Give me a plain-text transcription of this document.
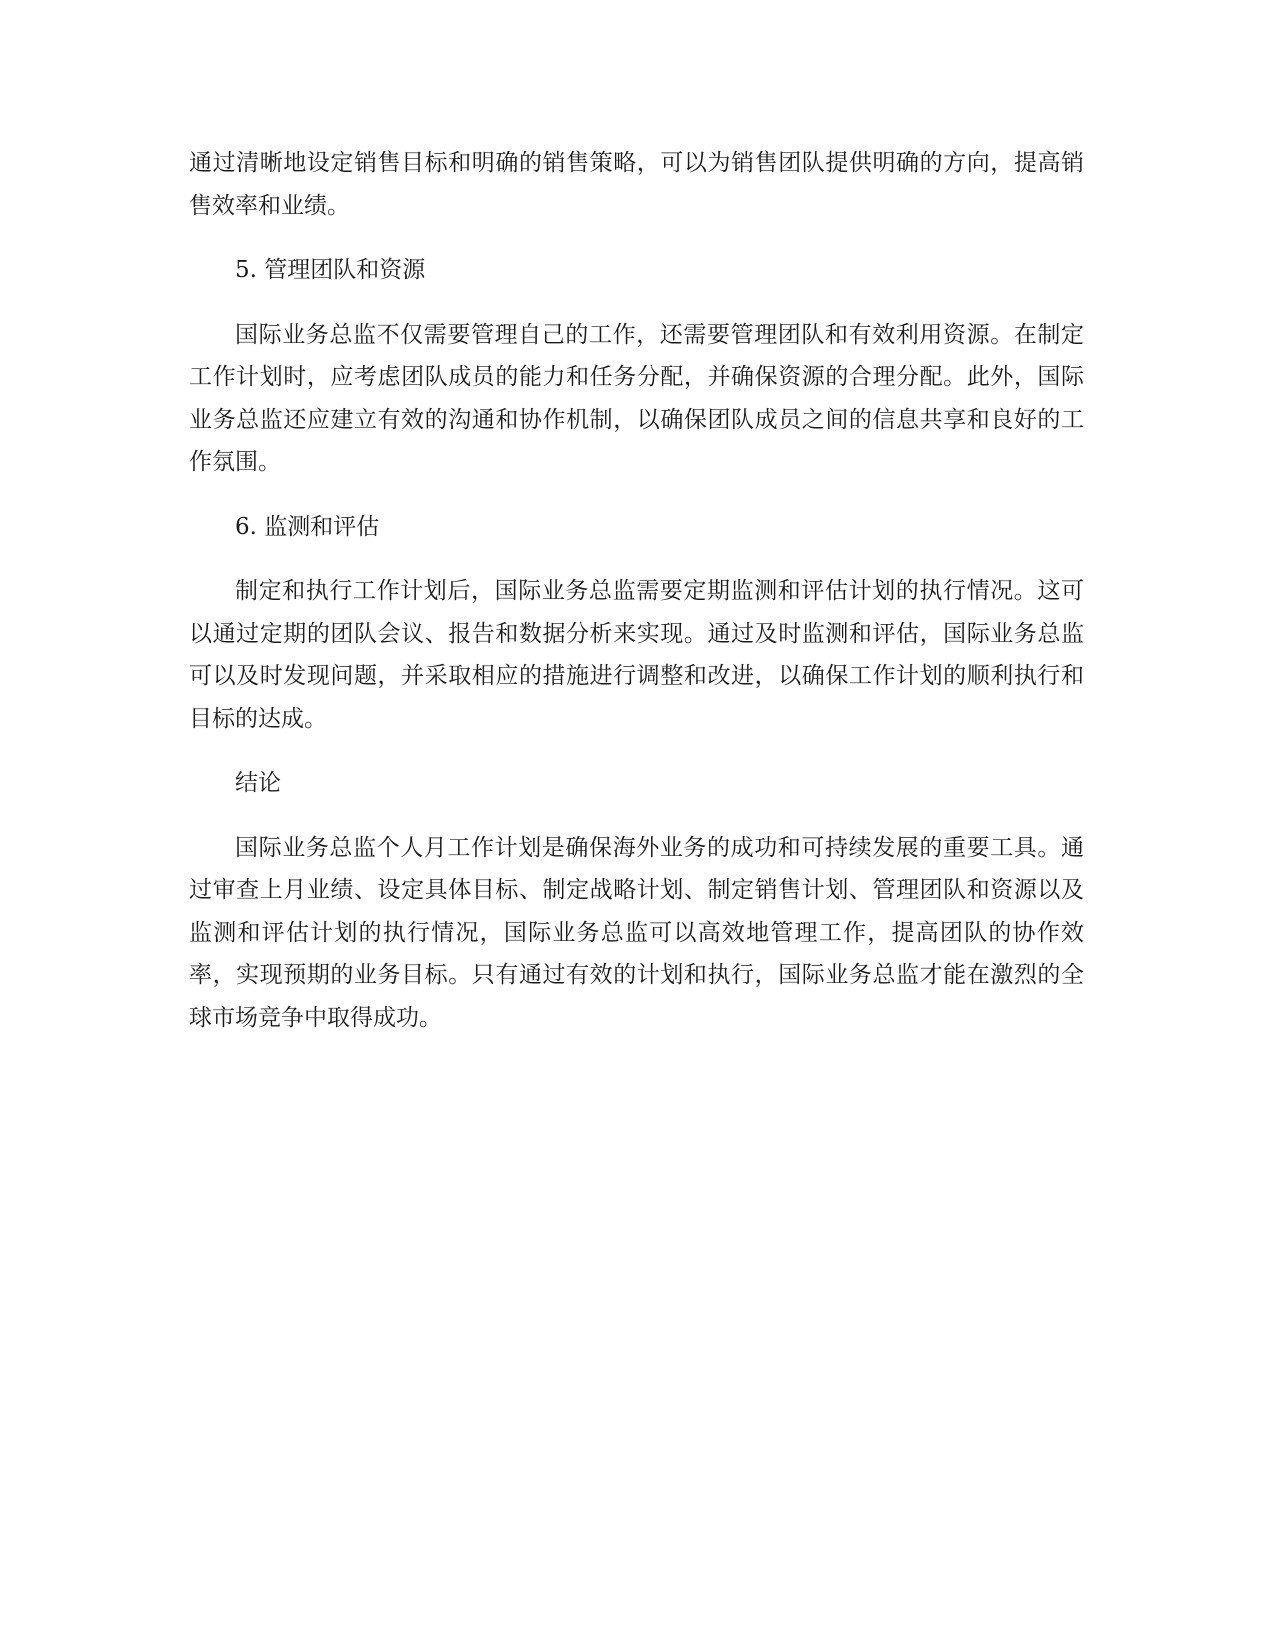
通过清晰地设定销售目标和明确的销售策略，可以为销售团队提供明确的方向，提高销售效率和业绩。

5. 管理团队和资源

国际业务总监不仅需要管理自己的工作，还需要管理团队和有效利用资源。在制定工作计划时，应考虑团队成员的能力和任务分配，并确保资源的合理分配。此外，国际业务总监还应建立有效的沟通和协作机制，以确保团队成员之间的信息共享和良好的工作氛围。

6. 监测和评估

制定和执行工作计划后，国际业务总监需要定期监测和评估计划的执行情况。这可以通过定期的团队会议、报告和数据分析来实现。通过及时监测和评估，国际业务总监可以及时发现问题，并采取相应的措施进行调整和改进，以确保工作计划的顺利执行和目标的达成。

结论

国际业务总监个人月工作计划是确保海外业务的成功和可持续发展的重要工具。通过审查上月业绩、设定具体目标、制定战略计划、制定销售计划、管理团队和资源以及监测和评估计划的执行情况，国际业务总监可以高效地管理工作，提高团队的协作效率，实现预期的业务目标。只有通过有效的计划和执行，国际业务总监才能在激烈的全球市场竞争中取得成功。
